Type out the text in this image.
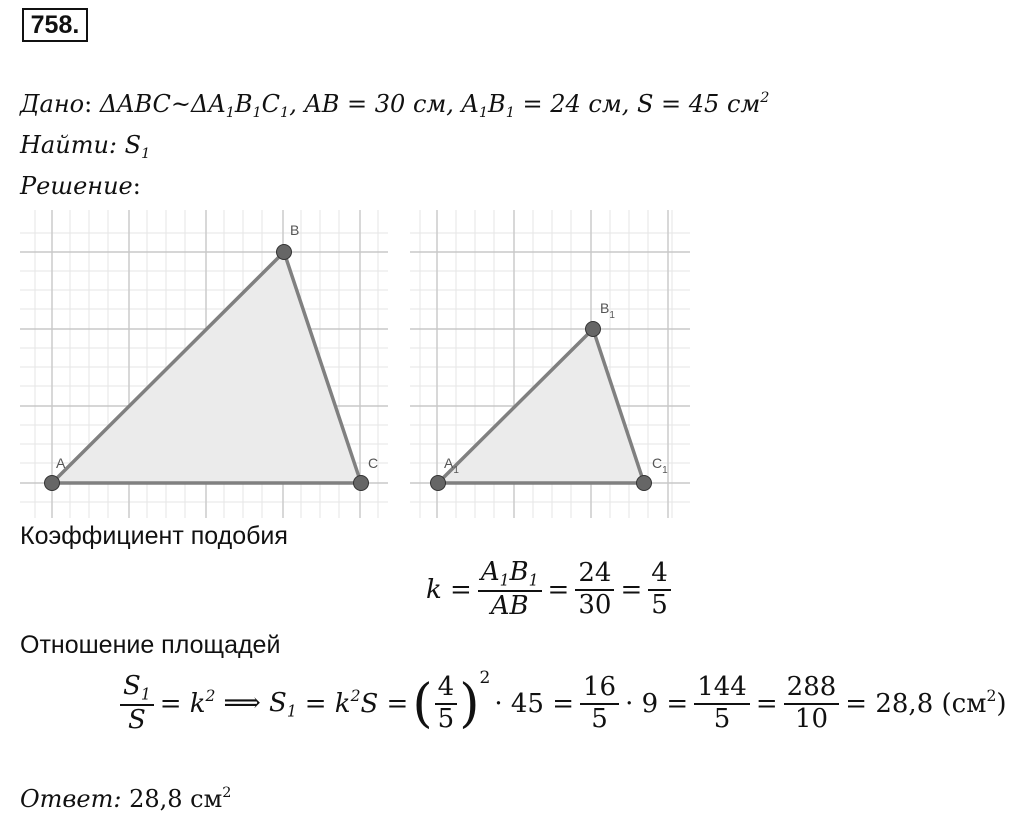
758.
Дано: $\Delta ABC\sim\Delta A_1B_1C_1$, AB = 30 см, $A_1B_1 = 24$ см, S = 45 $см^2$
Найти: $S_1$
Решение:
A
B
C	$A_1$
$B_1$
$C_1$
Коэффициент подобия
$k = \frac{A_1B_1}{AB} = \frac{24}{30} = \frac{4}{5}$
Отношение площадей
$\frac{S_1}{S} = k^2$ ⟹ $S_1 = k^2S$ = ( $\frac{4}{5}$ ) 2
· $45 = \frac{16}{5} \cdot 9 = \frac{144}{5} = \frac{288}{10} = 28,8$ $(см^2)$
Ответ: 28,8 $см^2$
